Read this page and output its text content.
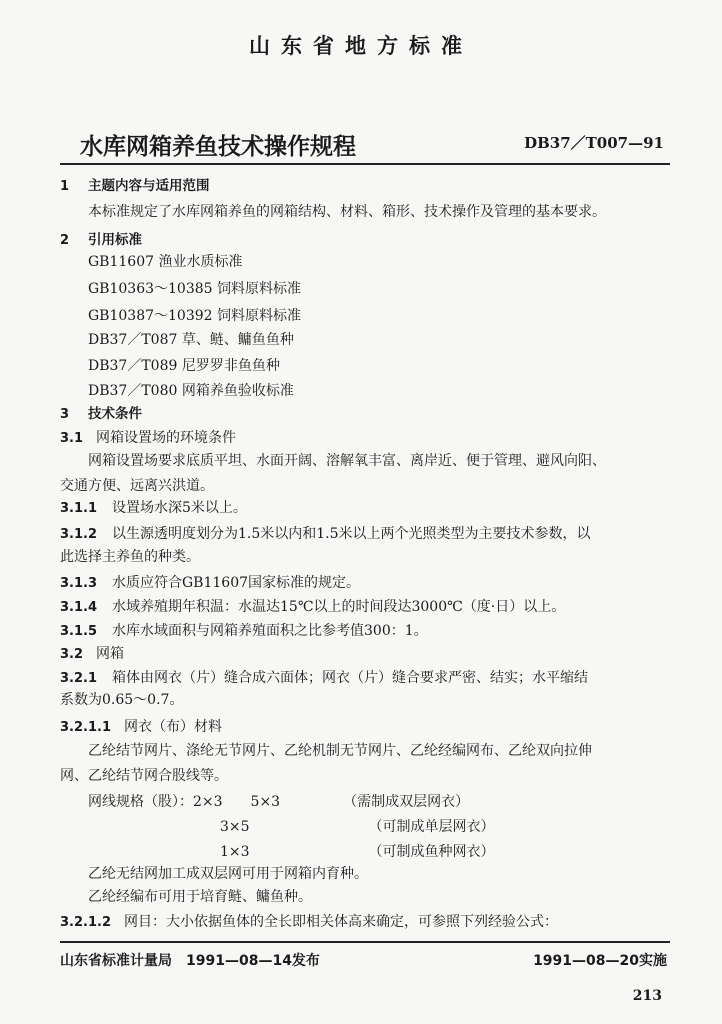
山东省地方标准
水库网箱养鱼技术操作规程	DB37／T007—91
1 主题内容与适用范围
本标准规定了水库网箱养鱼的网箱结构、材料、箱形、技术操作及管理的基本要求。
2 引用标准
GB11607 渔业水质标准
GB10363～10385 饲料原料标准
GB10387～10392 饲料原料标准
DB37／T087 草、鲢、鳙鱼鱼种
DB37／T089 尼罗罗非鱼鱼种
DB37／T080 网箱养鱼验收标准
3 技术条件
3.1 网箱设置场的环境条件
网箱设置场要求底质平坦、水面开阔、溶解氧丰富、离岸近、便于管理、避风向阳、
交通方便、远离兴洪道。
3.1.1 设置场水深5米以上。
3.1.2 以生源透明度划分为1.5米以内和1.5米以上两个光照类型为主要技术参数，以
此选择主养鱼的种类。
3.1.3 水质应符合GB11607国家标准的规定。
3.1.4 水域养殖期年积温：水温达15℃以上的时间段达3000℃（度·日）以上。
3.1.5 水库水域面积与网箱养殖面积之比参考值300：1。
3.2 网箱
3.2.1 箱体由网衣（片）缝合成六面体；网衣（片）缝合要求严密、结实；水平缩结
系数为0.65～0.7。
3.2.1.1 网衣（布）材料
乙纶结节网片、涤纶无节网片、乙纶机制无节网片、乙纶经编网布、乙纶双向拉伸
网、乙纶结节网合股线等。
网线规格（股）：2×3　　5×3　　　　　（需制成双层网衣）
3×5　　　　　　　　　（可制成单层网衣）
1×3　　　　　　　　　（可制成鱼种网衣）
乙纶无结网加工成双层网可用于网箱内育种。
乙纶经编布可用于培育鲢、鳙鱼种。
3.2.1.2 网目：大小依据鱼体的全长即相关体高来确定，可参照下列经验公式：
山东省标准计量局　1991—08—14发布	1991—08—20实施
213
